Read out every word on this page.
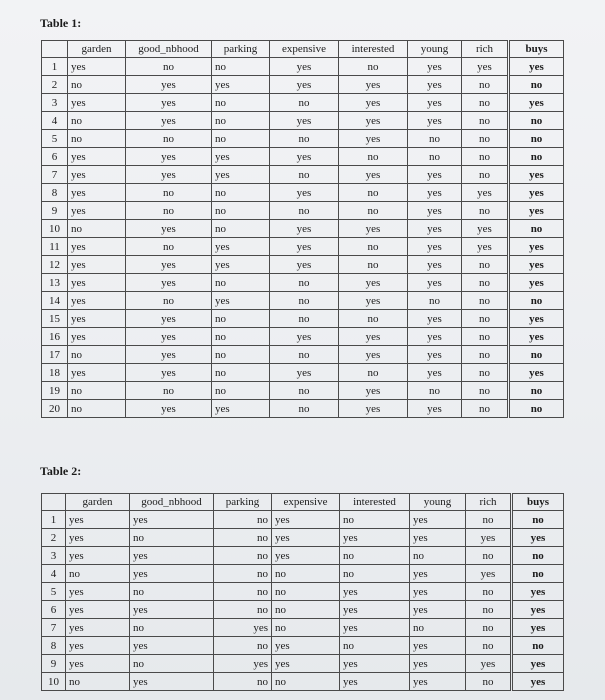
Table 1:
	garden	good_nbhood	parking	expensive	interested	young	rich	buys
1	yes	no	no	yes	no	yes	yes	yes
2	no	yes	yes	yes	yes	yes	no	no
3	yes	yes	no	no	yes	yes	no	yes
4	no	yes	no	yes	yes	yes	no	no
5	no	no	no	no	yes	no	no	no
6	yes	yes	yes	yes	no	no	no	no
7	yes	yes	yes	no	yes	yes	no	yes
8	yes	no	no	yes	no	yes	yes	yes
9	yes	no	no	no	no	yes	no	yes
10	no	yes	no	yes	yes	yes	yes	no
11	yes	no	yes	yes	no	yes	yes	yes
12	yes	yes	yes	yes	no	yes	no	yes
13	yes	yes	no	no	yes	yes	no	yes
14	yes	no	yes	no	yes	no	no	no
15	yes	yes	no	no	no	yes	no	yes
16	yes	yes	no	yes	yes	yes	no	yes
17	no	yes	no	no	yes	yes	no	no
18	yes	yes	no	yes	no	yes	no	yes
19	no	no	no	no	yes	no	no	no
20	no	yes	yes	no	yes	yes	no	no
Table 2:
	garden	good_nbhood	parking	expensive	interested	young	rich	buys
1	yes	yes	no	yes	no	yes	no	no
2	yes	no	no	yes	yes	yes	yes	yes
3	yes	yes	no	yes	no	no	no	no
4	no	yes	no	no	no	yes	yes	no
5	yes	no	no	no	yes	yes	no	yes
6	yes	yes	no	no	yes	yes	no	yes
7	yes	no	yes	no	yes	no	no	yes
8	yes	yes	no	yes	no	yes	no	no
9	yes	no	yes	yes	yes	yes	yes	yes
10	no	yes	no	no	yes	yes	no	yes
